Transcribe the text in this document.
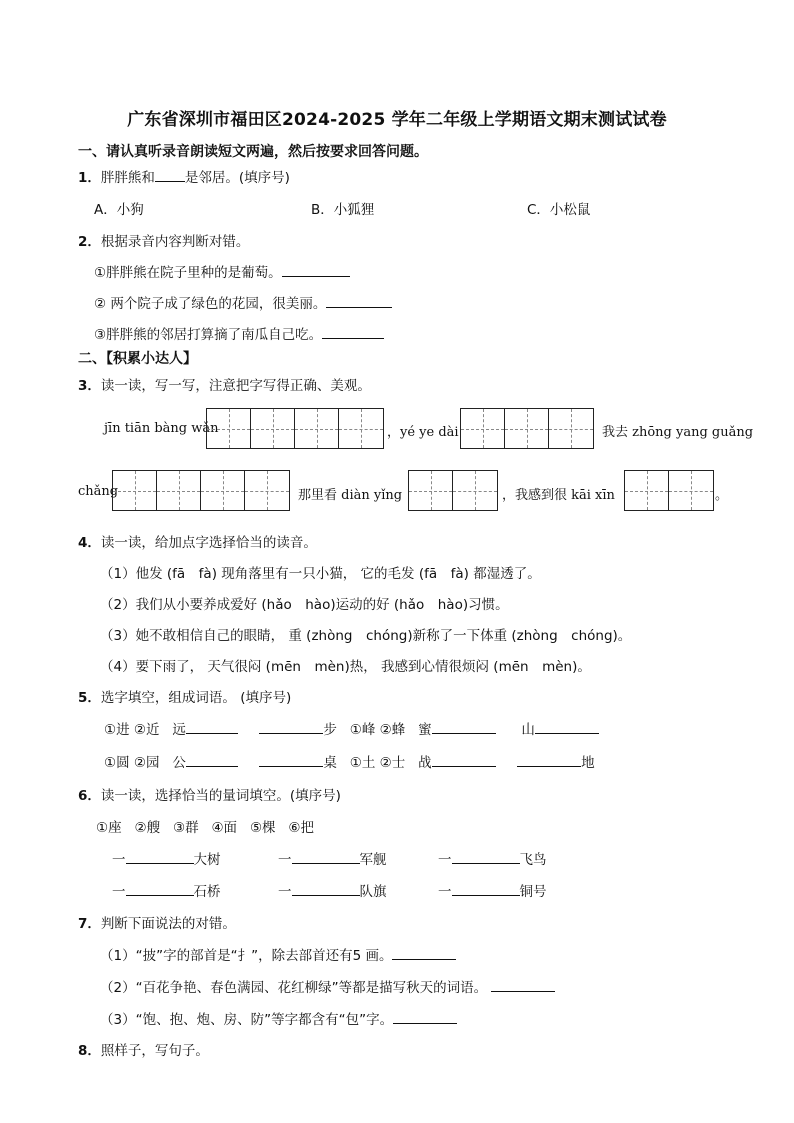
广东省深圳市福田区2024-2025 学年二年级上学期语文期末测试试卷
一、请认真听录音朗读短文两遍，然后按要求回答问题。
1．胖胖熊和 是邻居。(填序号)
A．小狗	B．小狐狸	C．小松鼠
2．根据录音内容判断对错。
①胖胖熊在院子里种的是葡萄。
② 两个院子成了绿色的花园，很美丽。
③胖胖熊的邻居打算摘了南瓜自己吃。
二、【积累小达人】
3．读一读，写一写，注意把字写得正确、美观。
jīn tiān bàng wǎn	，yé ye dài	我去 zhōng yang guǎng
chǎng	那里看 diàn yǐng	，我感到很 kāi xīn	。
4．读一读，给加点字选择恰当的读音。
（1）他发 (fā　fà) 现角落里有一只小猫， 它的毛发 (fā　fà) 都湿透了。
（2）我们从小要养成爱好 (hǎo　hào)运动的好 (hǎo　hào)习惯。
（3）她不敢相信自己的眼睛， 重 (zhòng　chóng)新称了一下体重 (zhòng　chóng)。
（4）要下雨了， 天气很闷 (mēn　mèn)热， 我感到心情很烦闷 (mēn　mèn)。
5．选字填空，组成词语。 (填序号)
①进 ②近 远	步 ①峰 ②蜂 蜜	山
①圆 ②园 公	桌 ①土 ②士 战	地
6．读一读，选择恰当的量词填空。(填序号)
①座 ②艘 ③群 ④面 ⑤棵 ⑥把
一	大树	一	军舰	一	飞鸟
一	石桥	一	队旗	一	铜号
7．判断下面说法的对错。
（1）“披”字的部首是“扌”，除去部首还有5 画。
（2）“百花争艳、春色满园、花红柳绿”等都是描写秋天的词语。
（3）“饱、抱、炮、房、防”等字都含有“包”字。
8．照样子，写句子。
